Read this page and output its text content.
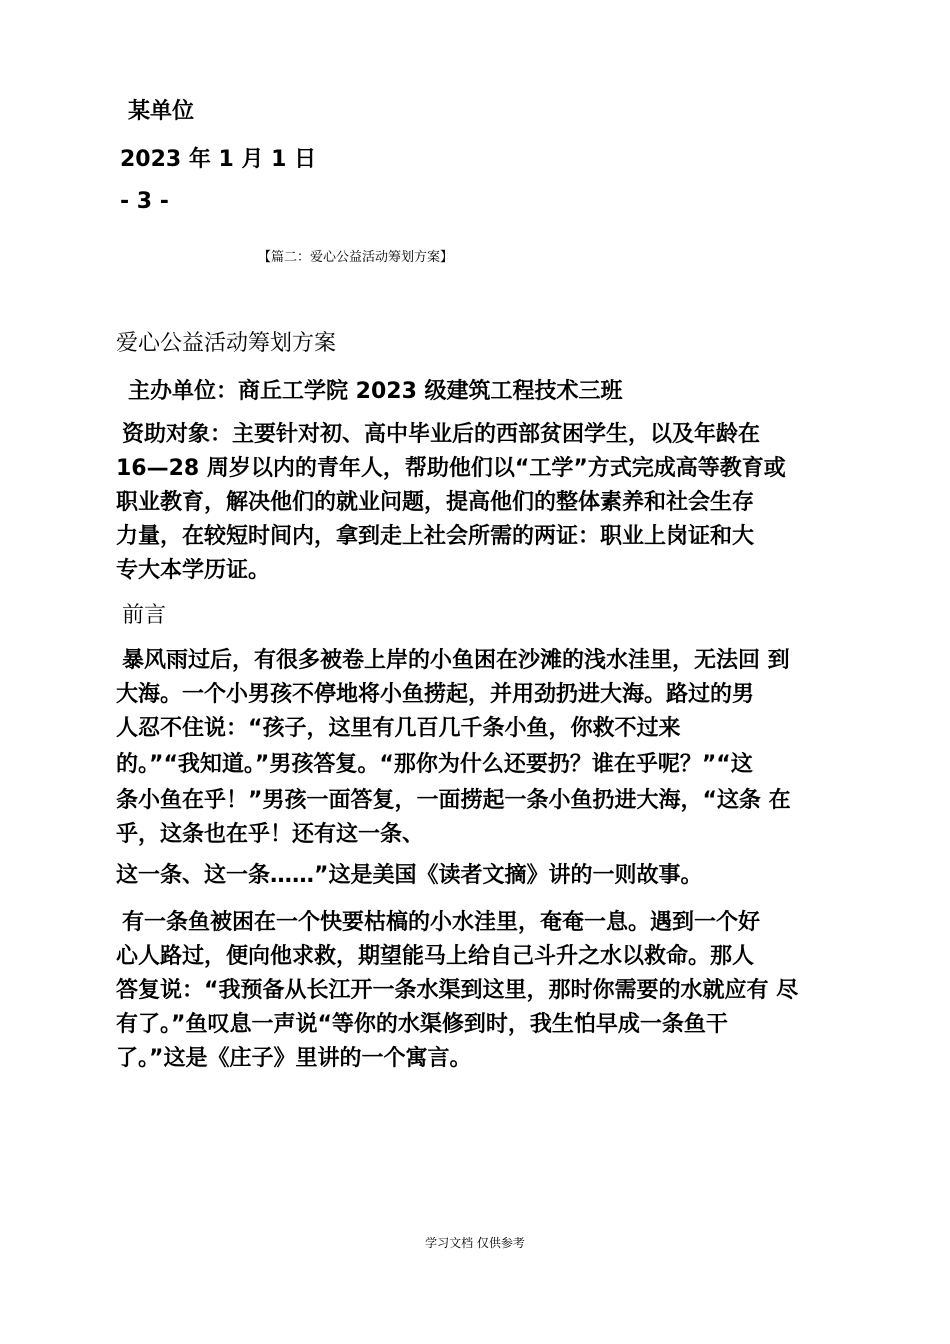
某单位
2023 年 1 月 1 日
- 3 -
【篇二：爱心公益活动筹划方案】
爱心公益活动筹划方案
主办单位：商丘工学院 2023 级建筑工程技术三班
资助对象：主要针对初、高中毕业后的西部贫困学生，以及年龄在
16—28 周岁以内的青年人，帮助他们以“工学”方式完成高等教育或
职业教育，解决他们的就业问题，提高他们的整体素养和社会生存
力量，在较短时间内，拿到走上社会所需的两证：职业上岗证和大
专大本学历证。
前言
暴风雨过后，有很多被卷上岸的小鱼困在沙滩的浅水洼里，无法回 到
大海。一个小男孩不停地将小鱼捞起，并用劲扔进大海。路过的男
人忍不住说：“孩子，这里有几百几千条小鱼，你救不过来
的。”“我知道。”男孩答复。“那你为什么还要扔？谁在乎呢？”“这
条小鱼在乎！”男孩一面答复，一面捞起一条小鱼扔进大海，“这条 在
乎，这条也在乎！还有这一条、
这一条、这一条……”这是美国《读者文摘》讲的一则故事。
有一条鱼被困在一个快要枯槁的小水洼里，奄奄一息。遇到一个好
心人路过，便向他求救，期望能马上给自己斗升之水以救命。那人
答复说：“我预备从长江开一条水渠到这里，那时你需要的水就应有 尽
有了。”鱼叹息一声说“等你的水渠修到时，我生怕早成一条鱼干
了。”这是《庄子》里讲的一个寓言。
学习文档 仅供参考
